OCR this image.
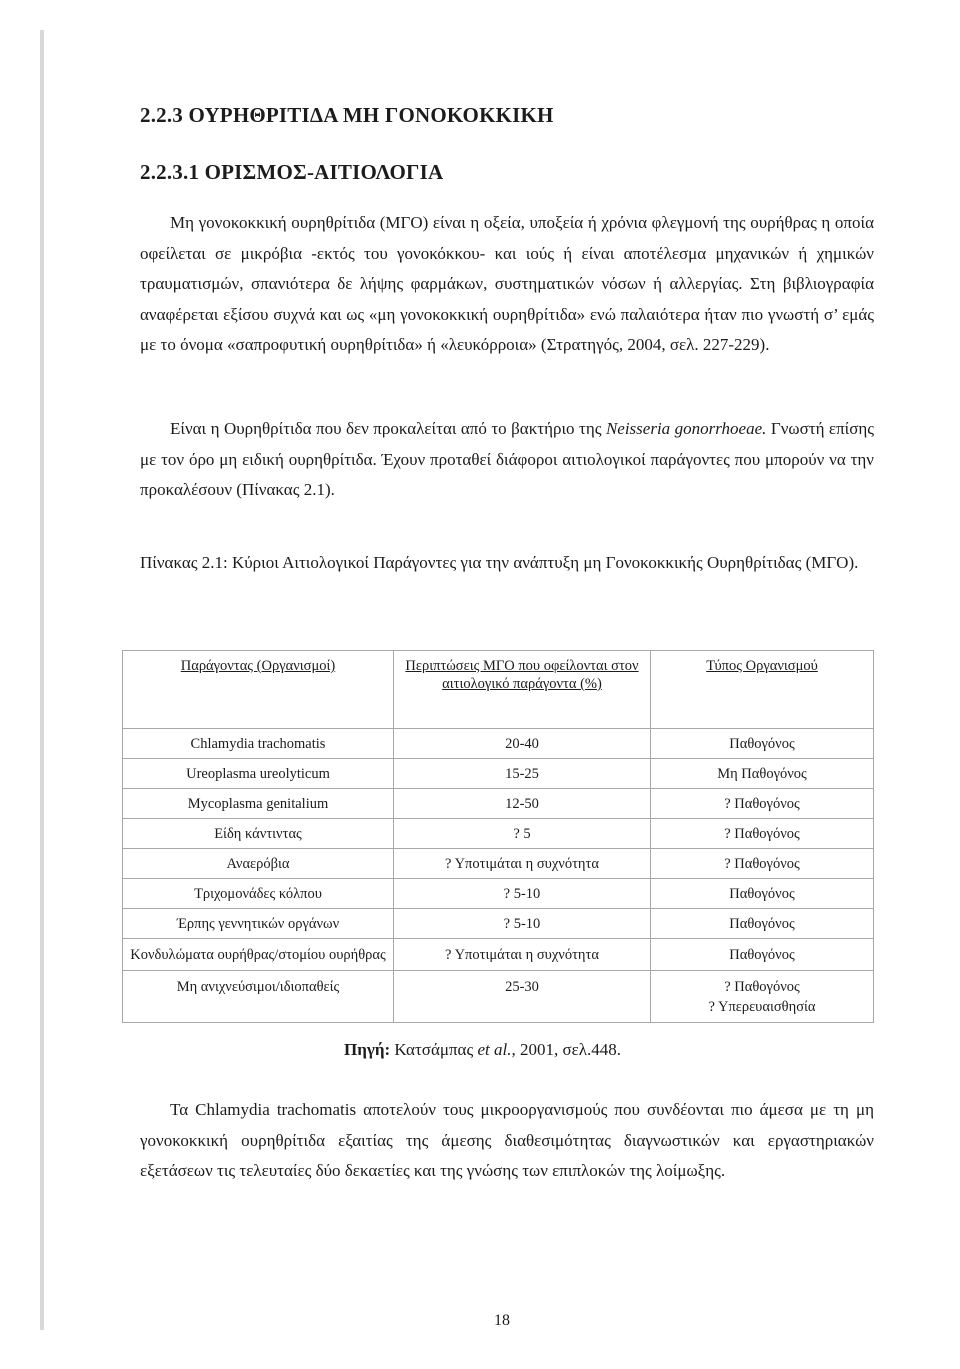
2.2.3 ΟΥΡΗΘΡΙΤΙΔΑ ΜΗ ΓΟΝΟΚΟΚΚΙΚΗ
2.2.3.1 ΟΡΙΣΜΟΣ-ΑΙΤΙΟΛΟΓΙΑ

Μη γονοκοκκική ουρηθρίτιδα (ΜΓΟ) είναι η οξεία, υποξεία ή χρόνια φλεγμονή της ουρήθρας η οποία οφείλεται σε μικρόβια -εκτός του γονοκόκκου- και ιούς ή είναι αποτέλεσμα μηχανικών ή χημικών τραυματισμών, σπανιότερα δε λήψης φαρμάκων, συστηματικών νόσων ή αλλεργίας. Στη βιβλιογραφία αναφέρεται εξίσου συχνά και ως «μη γονοκοκκική ουρηθρίτιδα» ενώ παλαιότερα ήταν πιο γνωστή σ’ εμάς με το όνομα «σαπροφυτική ουρηθρίτιδα» ή «λευκόρροια» (Στρατηγός, 2004, σελ. 227-229).

Είναι η Ουρηθρίτιδα που δεν προκαλείται από το βακτήριο της Neisseria gonorrhoeae. Γνωστή επίσης με τον όρο μη ειδική ουρηθρίτιδα. Έχουν προταθεί διάφοροι αιτιολογικοί παράγοντες που μπορούν να την προκαλέσουν (Πίνακας 2.1).

Πίνακας 2.1: Κύριοι Αιτιολογικοί Παράγοντες για την ανάπτυξη μη Γονοκοκκικής Ουρηθρίτιδας (ΜΓΟ).

Παράγοντας (Οργανισμοί)	Περιπτώσεις ΜΓΟ που οφείλονται στον αιτιολογικό παράγοντα (%)	Τύπος Οργανισμού
Chlamydia trachomatis	20-40	Παθογόνος
Ureoplasma ureolyticum	15-25	Μη Παθογόνος
Mycoplasma genitalium	12-50	? Παθογόνος
Είδη κάντιντας	? 5	? Παθογόνος
Αναερόβια	? Υποτιμάται η συχνότητα	? Παθογόνος
Τριχομονάδες κόλπου	? 5-10	Παθογόνος
Έρπης γεννητικών οργάνων	? 5-10	Παθογόνος
Κονδυλώματα ουρήθρας/στομίου ουρήθρας	? Υποτιμάται η συχνότητα	Παθογόνος
Μη ανιχνεύσιμοι/ιδιοπαθείς	25-30	? Παθογόνος
? Υπερευαισθησία
Πηγή: Κατσάμπας et al., 2001, σελ.448.

Τα Chlamydia trachomatis αποτελούν τους μικροοργανισμούς που συνδέονται πιο άμεσα με τη μη γονοκοκκική ουρηθρίτιδα εξαιτίας της άμεσης διαθεσιμότητας διαγνωστικών και εργαστηριακών εξετάσεων τις τελευταίες δύο δεκαετίες και της γνώσης των επιπλοκών της λοίμωξης.

18
